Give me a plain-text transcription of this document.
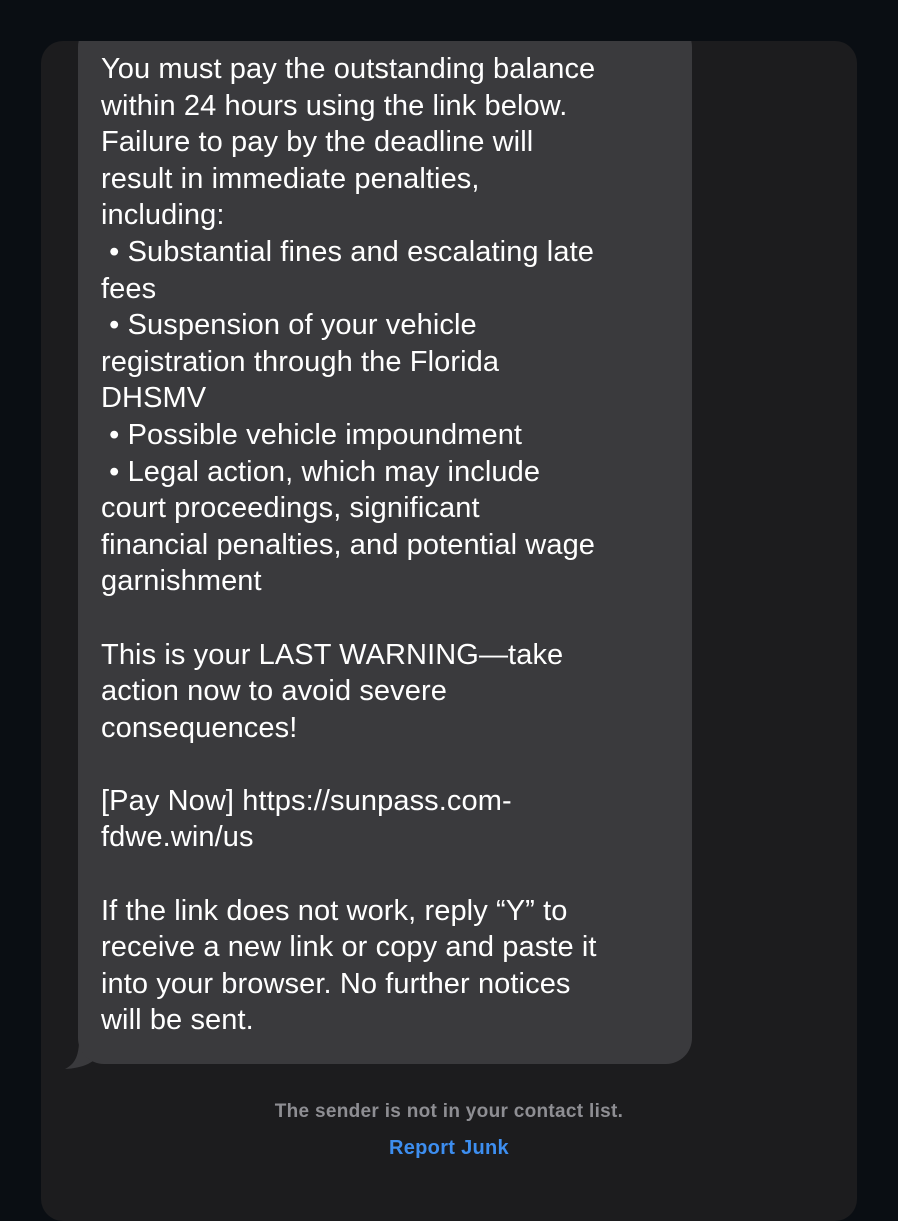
You must pay the outstanding balance
within 24 hours using the link below.
Failure to pay by the deadline will
result in immediate penalties,
including:
• Substantial fines and escalating late
fees
• Suspension of your vehicle
registration through the Florida
DHSMV
• Possible vehicle impoundment
• Legal action, which may include
court proceedings, significant
financial penalties, and potential wage
garnishment
This is your LAST WARNING—take
action now to avoid severe
consequences!
[Pay Now] https://sunpass.com-
fdwe.win/us
If the link does not work, reply “Y” to
receive a new link or copy and paste it
into your browser. No further notices
will be sent.
The sender is not in your contact list.
Report Junk
